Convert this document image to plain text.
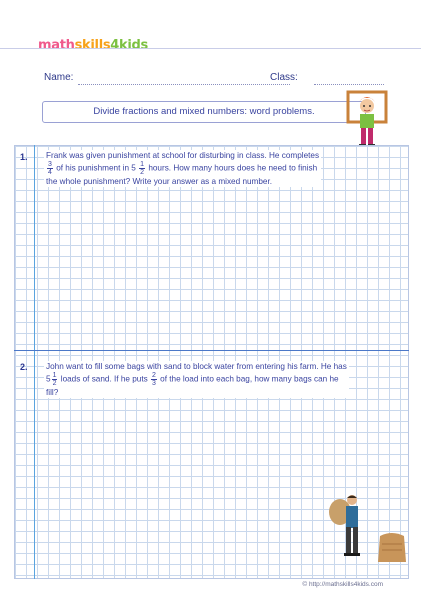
mathskills4kids
Name:	Class:
Divide fractions and mixed numbers: word problems.
1. Frank was given punishment at school for disturbing in class. He completes
$\frac{3}{4}$ of his punishment in $5 \frac{1}{2}$ hours. How many hours does he need to finish
the whole punishment? Write your answer as a mixed number.
2. John want to fill some bags with sand to block water from entering his farm. He has
$5 \frac{1}{2}$ loads of sand. If he puts $\frac{2}{3}$ of the load into each bag, how many bags can he
fill?
© http://mathskills4kids.com
